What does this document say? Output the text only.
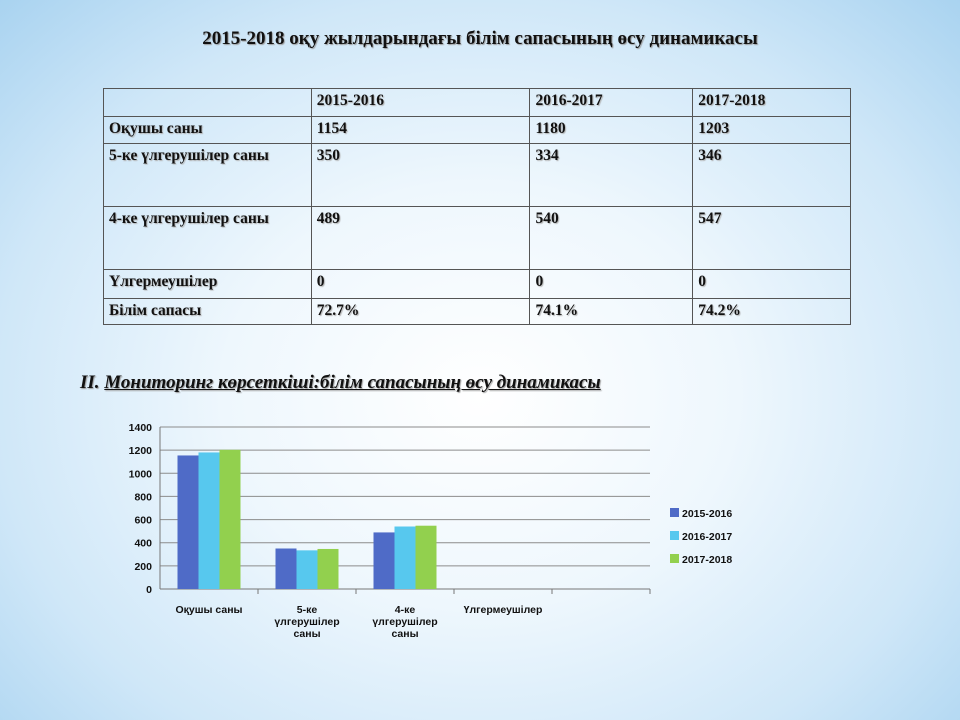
2015-2018 оқу жылдарындағы білім сапасының өсу динамикасы
	2015-2016	2016-2017	2017-2018
Оқушы саны	1154	1180	1203
5-ке үлгерушілер саны	350	334	346
4-ке үлгерушілер саны	489	540	547
Үлгермеушілер	0	0	0
Білім сапасы	72.7%	74.1%	74.2%
II. Мониторинг көрсеткіші:білім сапасының өсу динамикасы
0
200
400
600
800
1000
1200
1400
Оқушы саны	5-ке
үлгерушілер
саны
4-ке
үлгерушілер
саны
Үлгермеушілер
2015-2016
2016-2017
2017-2018
